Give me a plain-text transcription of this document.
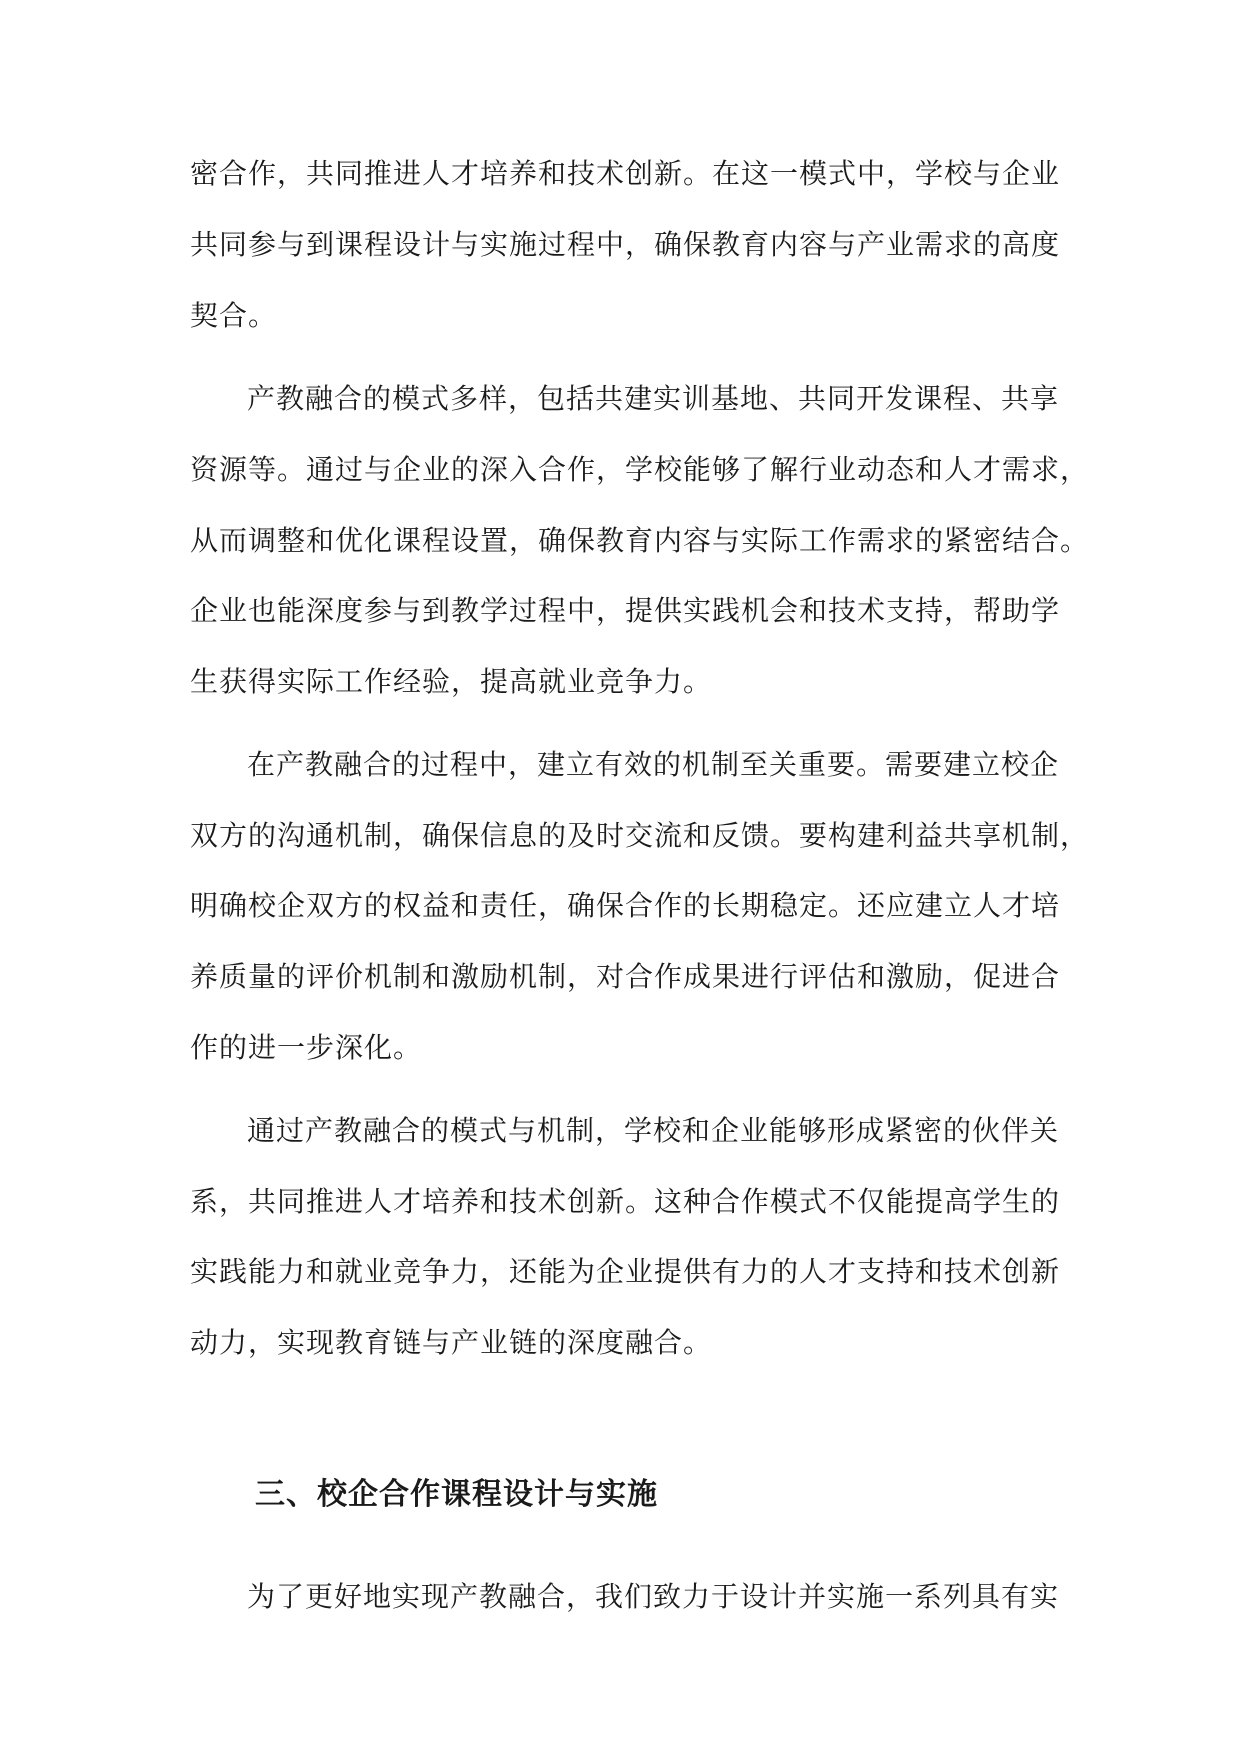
密合作，共同推进人才培养和技术创新。在这一模式中，学校与企业
共同参与到课程设计与实施过程中，确保教育内容与产业需求的高度
契合。
产教融合的模式多样，包括共建实训基地、共同开发课程、共享
资源等。通过与企业的深入合作，学校能够了解行业动态和人才需求，
从而调整和优化课程设置，确保教育内容与实际工作需求的紧密结合。
企业也能深度参与到教学过程中，提供实践机会和技术支持，帮助学
生获得实际工作经验，提高就业竞争力。
在产教融合的过程中，建立有效的机制至关重要。需要建立校企
双方的沟通机制，确保信息的及时交流和反馈。要构建利益共享机制，
明确校企双方的权益和责任，确保合作的长期稳定。还应建立人才培
养质量的评价机制和激励机制，对合作成果进行评估和激励，促进合
作的进一步深化。
通过产教融合的模式与机制，学校和企业能够形成紧密的伙伴关
系，共同推进人才培养和技术创新。这种合作模式不仅能提高学生的
实践能力和就业竞争力，还能为企业提供有力的人才支持和技术创新
动力，实现教育链与产业链的深度融合。
三、校企合作课程设计与实施
为了更好地实现产教融合，我们致力于设计并实施一系列具有实
